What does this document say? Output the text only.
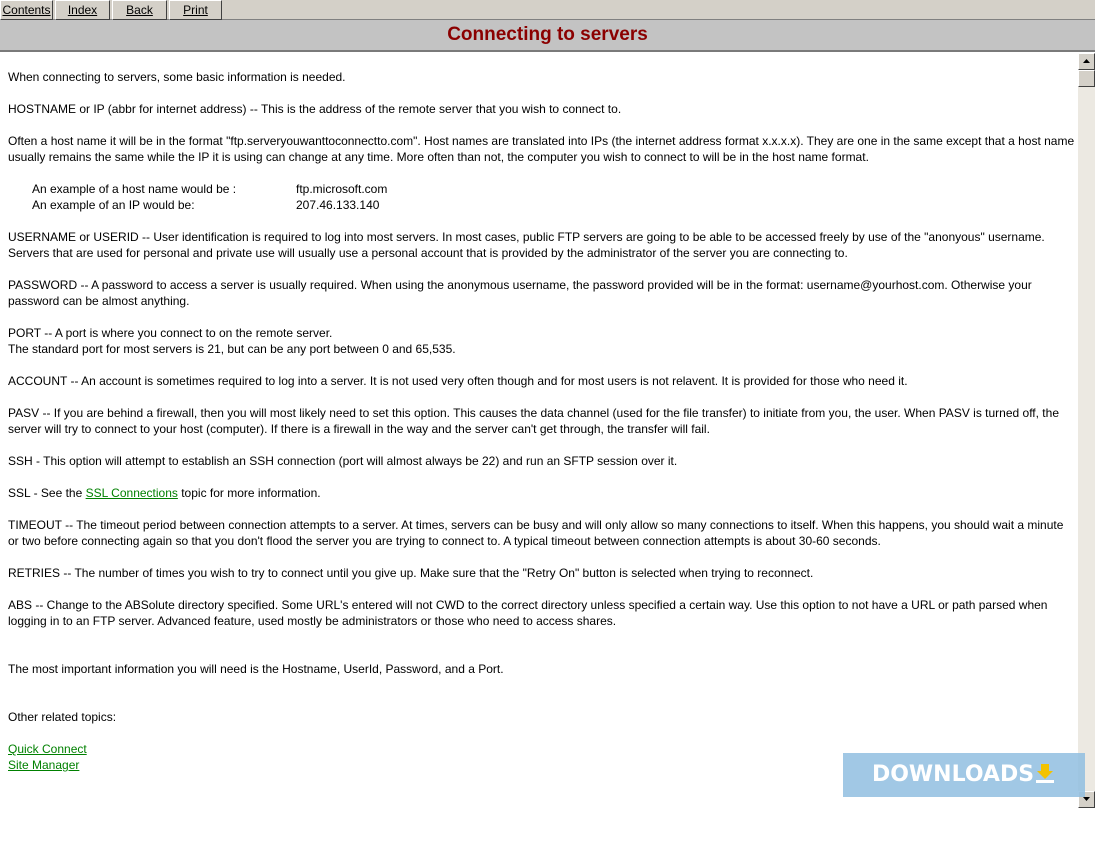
Contents	Index	Back	Print
Connecting to servers

When connecting to servers, some basic information is needed.

HOSTNAME or IP (abbr for internet address) -- This is the address of the remote server that you wish to connect to.

Often a host name it will be in the format "ftp.serveryouwanttoconnectto.com". Host names are translated into IPs (the internet address format x.x.x.x). They are one in the same except that a host name usually remains the same while the IP it is using can change at any time. More often than not, the computer you wish to connect to will be in the host name format.

An example of a host name would be :	ftp.microsoft.com
An example of an IP would be:	207.46.133.140

USERNAME or USERID -- User identification is required to log into most servers. In most cases, public FTP servers are going to be able to be accessed freely by use of the "anonyous" username. Servers that are used for personal and private use will usually use a personal account that is provided by the administrator of the server you are connecting to.

PASSWORD -- A password to access a server is usually required. When using the anonymous username, the password provided will be in the format: username@yourhost.com. Otherwise your password can be almost anything.

PORT -- A port is where you connect to on the remote server.
The standard port for most servers is 21, but can be any port between 0 and 65,535.

ACCOUNT -- An account is sometimes required to log into a server. It is not used very often though and for most users is not relavent. It is provided for those who need it.

PASV -- If you are behind a firewall, then you will most likely need to set this option. This causes the data channel (used for the file transfer) to initiate from you, the user. When PASV is turned off, the server will try to connect to your host (computer). If there is a firewall in the way and the server can't get through, the transfer will fail.

SSH - This option will attempt to establish an SSH connection (port will almost always be 22) and run an SFTP session over it.

SSL - See the SSL Connections topic for more information.

TIMEOUT -- The timeout period between connection attempts to a server. At times, servers can be busy and will only allow so many connections to itself. When this happens, you should wait a minute or two before connecting again so that you don't flood the server you are trying to connect to. A typical timeout between connection attempts is about 30-60 seconds.

RETRIES -- The number of times you wish to try to connect until you give up. Make sure that the "Retry On" button is selected when trying to reconnect.

ABS -- Change to the ABSolute directory specified. Some URL's entered will not CWD to the correct directory unless specified a certain way. Use this option to not have a URL or path parsed when logging in to an FTP server. Advanced feature, used mostly be administrators or those who need to access shares.

The most important information you will need is the Hostname, UserId, Password, and a Port.

Other related topics:

Quick Connect
Site Manager	DOWNLOADS.GURU
